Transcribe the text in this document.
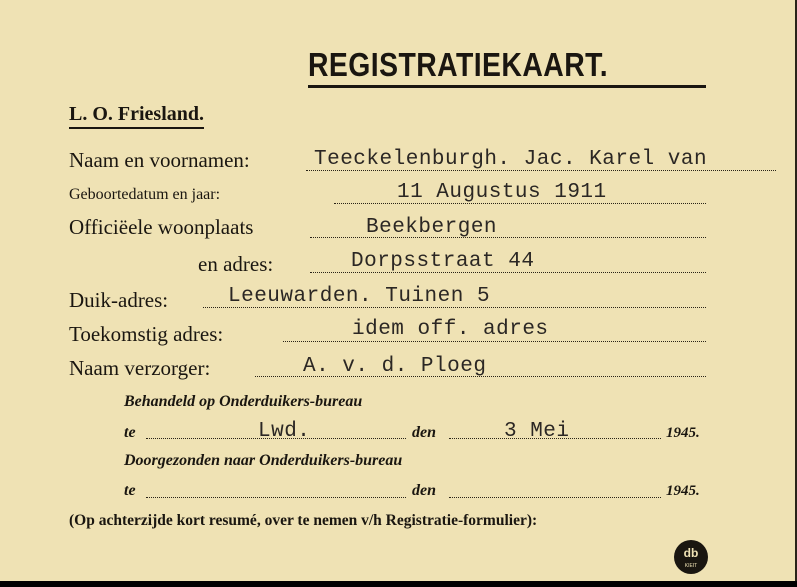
REGISTRATIEKAART.
L. O. Friesland.
Naam en voornamen:	Teeckelenburgh. Jac. Karel van
Geboortedatum en jaar:	11 Augustus 1911
Officiëele woonplaats	Beekbergen
en adres:	Dorpsstraat 44
Duik-adres:	Leeuwarden. Tuinen 5
Toekomstig adres:	idem off. adres
Naam verzorger:	A. v. d. Ploeg
Behandeld op Onderduikers-bureau
te	Lwd.	den	3 Mei	1945.
Doorgezonden naar Onderduikers-bureau
te	den	1945.
(Op achterzijde kort resumé, over te nemen v/h Registratie-formulier):
db
KIEIT
